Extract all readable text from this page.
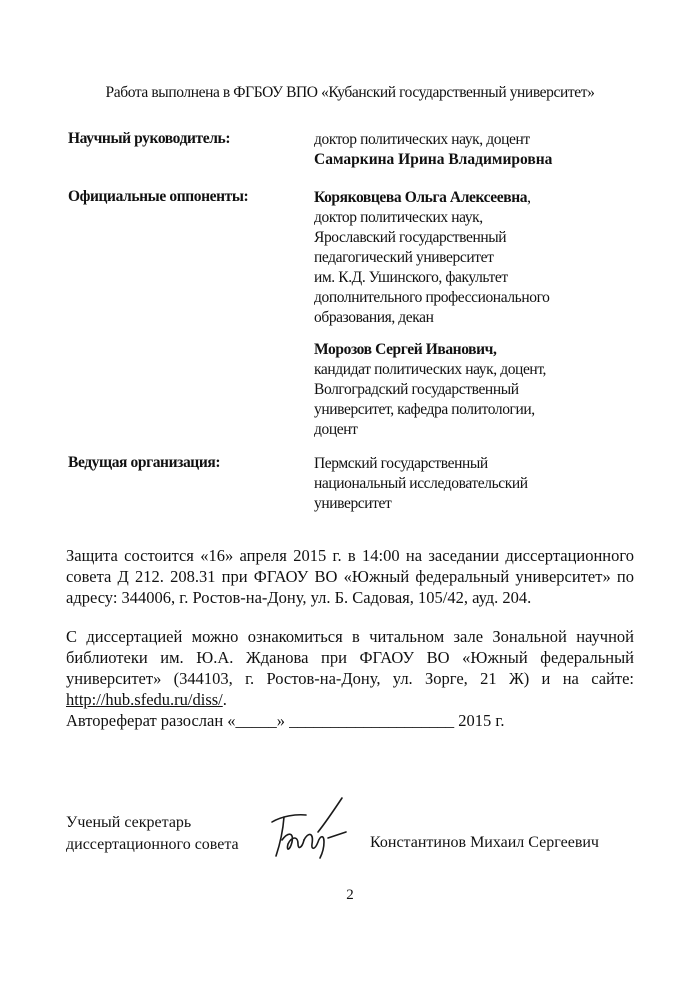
Работа выполнена в ФГБОУ ВПО «Кубанский государственный университет»
Научный руководитель:	доктор политических наук, доцент
Самаркина Ирина Владимировна
Официальные оппоненты:	Коряковцева Ольга Алексеевна,
доктор политических наук,
Ярославский государственный
педагогический университет
им. К.Д. Ушинского, факультет
дополнительного профессионального
образования, декан
Морозов Сергей Иванович,
кандидат политических наук, доцент,
Волгоградский государственный
университет, кафедра политологии,
доцент
Ведущая организация:	Пермский государственный
национальный исследовательский
университет
Защита состоится «16» апреля 2015 г. в 14:00 на заседании диссертационного
совета Д 212. 208.31 при ФГАОУ ВО «Южный федеральный университет» по
адресу: 344006, г. Ростов-на-Дону, ул. Б. Садовая, 105/42, ауд. 204.
С диссертацией можно ознакомиться в читальном зале Зональной научной
библиотеки им. Ю.А. Жданова при ФГАОУ ВО «Южный федеральный
университет» (344103, г. Ростов-на-Дону, ул. Зорге, 21 Ж) и на сайте:
http://hub.sfedu.ru/diss/.
Автореферат разослан «_____» ____________________ 2015 г.
Ученый секретарь
диссертационного совета	Константинов Михаил Сергеевич
2
